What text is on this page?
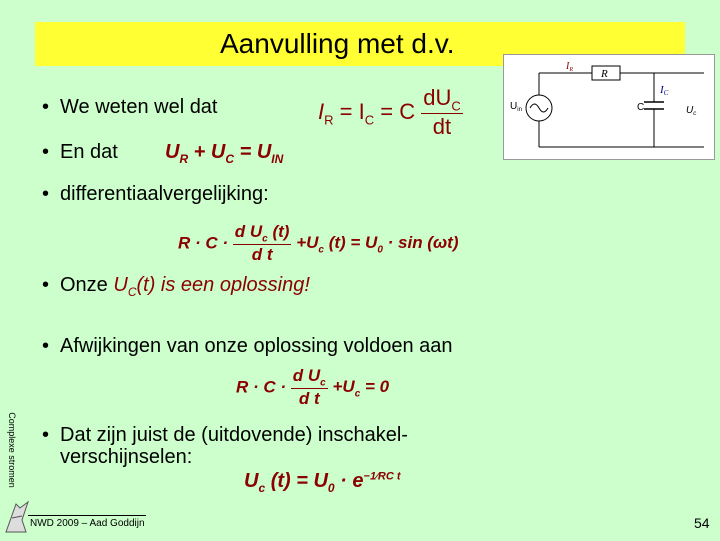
Aanvulling met d.v.
$I_R$	R
IC
$U_{in}$	C	$U_c$
• We weten wel dat	$I_R = I_C = C \frac{dU_C}{dt}$
• En dat $U_R + U_C = U_{IN}$
• differentiaalvergelijking:
$R \cdot C \cdot \frac{d U_c (t)}{\text{d t}} +U_c$ $(t) = U_0 \cdot \sin (\omega t)$
• Onze $U_C(t)$ is een oplossing!
• Afwijkingen van onze oplossing voldoen aan
$R \cdot C \cdot \frac{d U_c}{\text{d t}} +U_c = 0$
• Dat zijn juist de (uitdovende) inschakel-
verschijnselen:
$U_c$ $(t) = U_0 \cdot e^{-1⁄RC t}$
Complexe stromen
NWD 2009 – Aad Goddijn	54
